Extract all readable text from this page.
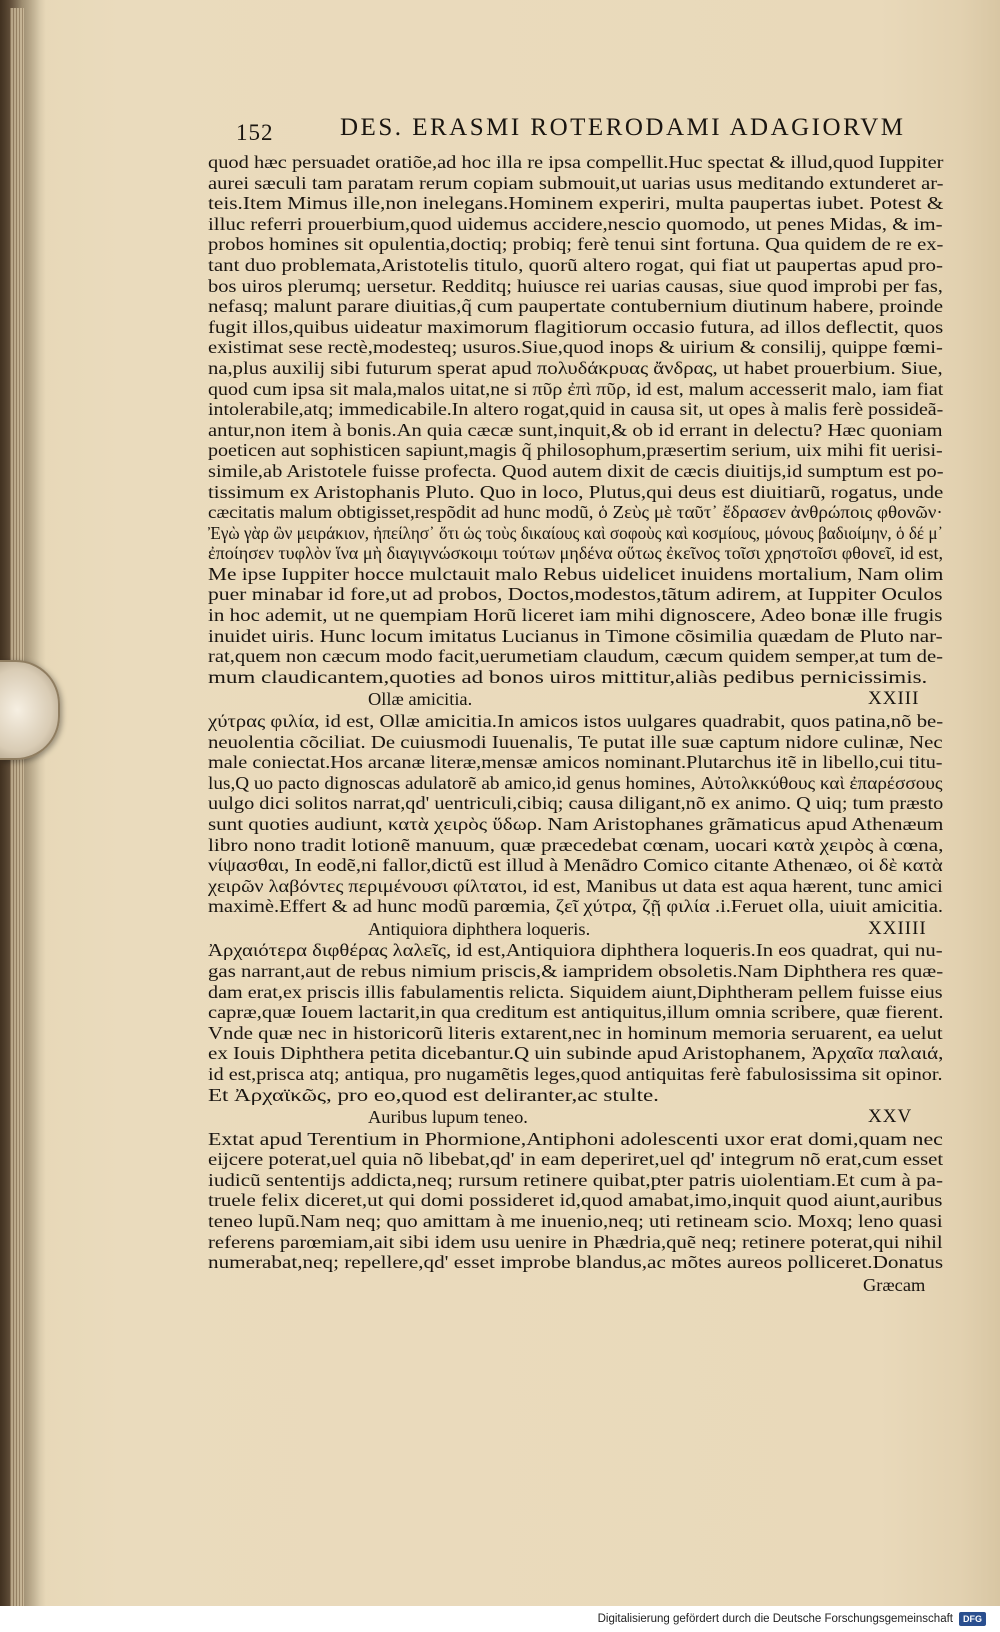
152	DES. ERASMI ROTERODAMI ADAGIORVM
quod hæc persuadet oratiõe,ad hoc illa re ipsa compellit.Huc spectat & illud,quod Iuppiter
aurei sæculi tam paratam rerum copiam submouit,ut uarias usus meditando extunderet ar-
teis.Item Mimus ille,non inelegans.Hominem experiri, multa paupertas iubet. Potest &
illuc referri prouerbium,quod uidemus accidere,nescio quomodo, ut penes Midas, & im-
probos homines sit opulentia,doctiq; probiq; ferè tenui sint fortuna. Qua quidem de re ex-
tant duo problemata,Aristotelis titulo, quorũ altero rogat, qui fiat ut paupertas apud pro-
bos uiros plerumq; uersetur. Redditq; huiusce rei uarias causas, siue quod improbi per fas,
nefasq; malunt parare diuitias,q̃ cum paupertate contubernium diutinum habere, proinde
fugit illos,quibus uideatur maximorum flagitiorum occasio futura, ad illos deflectit, quos
existimat sese rectè,modesteq; usuros.Siue,quod inops & uirium & consilij, quippe fœmi-
na,plus auxilij sibi futurum sperat apud πολυδάκρυας ἄνδρας, ut habet prouerbium. Siue,
quod cum ipsa sit mala,malos uitat,ne si πῦρ ἐπὶ πῦρ, id est, malum accesserit malo, iam fiat
intolerabile,atq; immedicabile.In altero rogat,quid in causa sit, ut opes à malis ferè possideã-
antur,non item à bonis.An quia cæcæ sunt,inquit,& ob id errant in delectu? Hæc quoniam
poeticen aut sophisticen sapiunt,magis q̃ philosophum,præsertim serium, uix mihi fit uerisi-
simile,ab Aristotele fuisse profecta. Quod autem dixit de cæcis diuitijs,id sumptum est po-
tissimum ex Aristophanis Pluto. Quo in loco, Plutus,qui deus est diuitiarũ, rogatus, unde
cæcitatis malum obtigisset,respõdit ad hunc modũ, ὁ Ζεὺς μὲ ταῦτ᾽ ἔδρασεν ἀνθρώποις φθονῶν·
Ἐγὼ γὰρ ὢν μειράκιον, ἠπείλησ᾽ ὅτι ὡς τοὺς δικαίους καὶ σοφοὺς καὶ κοσμίους, μόνους βαδιοίμην, ὁ δέ μ᾽
ἐποίησεν τυφλὸν ἵνα μὴ διαγιγνώσκοιμι τούτων μηδένα οὕτως ἐκεῖνος τοῖσι χρηστοῖσι φθονεῖ, id est,
Me ipse Iuppiter hocce mulctauit malo Rebus uidelicet inuidens mortalium, Nam olim
puer minabar id fore,ut ad probos, Doctos,modestos,tãtum adirem, at Iuppiter Oculos
in hoc ademit, ut ne quempiam Horũ liceret iam mihi dignoscere, Adeo bonæ ille frugis
inuidet uiris. Hunc locum imitatus Lucianus in Timone cõsimilia quædam de Pluto nar-
rat,quem non cæcum modo facit,uerumetiam claudum, cæcum quidem semper,at tum de-
mum claudicantem,quoties ad bonos uiros mittitur,aliàs pedibus pernicissimis.
Ollæ amicitia.	XXIII
χύτρας φιλία, id est, Ollæ amicitia.In amicos istos uulgares quadrabit, quos patina,nõ be-
neuolentia cõciliat. De cuiusmodi Iuuenalis, Te putat ille suæ captum nidore culinæ, Nec
male coniectat.Hos arcanæ literæ,mensæ amicos nominant.Plutarchus itẽ in libello,cui titu-
lus,Q uo pacto dignoscas adulatorẽ ab amico,id genus homines, Αὐτολκκύθους καὶ ἐπαρέσσους
uulgo dici solitos narrat,qd' uentriculi,cibiq; causa diligant,nõ ex animo. Q uiq; tum præsto
sunt quoties audiunt, κατὰ χειρὸς ὕδωρ. Nam Aristophanes grãmaticus apud Athenæum
libro nono tradit lotionẽ manuum, quæ præcedebat cœnam, uocari κατὰ χειρὸς à cœna,
νίψασθαι, In eodẽ,ni fallor,dictũ est illud à Menãdro Comico citante Athenæo, οἱ δὲ κατὰ
χειρῶν λαβόντες περιμένουσι φίλτατοι, id est, Manibus ut data est aqua hærent, tunc amici
maximè.Effert & ad hunc modũ parœmia, ζεῖ χύτρα, ζῇ φιλία .i.Feruet olla, uiuit amicitia.
Antiquiora diphthera loqueris.	XXIIII
Ἀρχαιότερα διφθέρας λαλεῖς, id est,Antiquiora diphthera loqueris.In eos quadrat, qui nu-
gas narrant,aut de rebus nimium priscis,& iampridem obsoletis.Nam Diphthera res quæ-
dam erat,ex priscis illis fabulamentis relicta. Siquidem aiunt,Diphtheram pellem fuisse eius
capræ,quæ Iouem lactarit,in qua creditum est antiquitus,illum omnia scribere, quæ fierent.
Vnde quæ nec in historicorũ literis extarent,nec in hominum memoria seruarent, ea uelut
ex Iouis Diphthera petita dicebantur.Q uin subinde apud Aristophanem, Ἀρχαῖα παλαιά,
id est,prisca atq; antiqua, pro nugamẽtis leges,quod antiquitas ferè fabulosissima sit opinor.
Et Ἀρχαϊκῶς, pro eo,quod est deliranter,ac stulte.
Auribus lupum teneo.	XXV
Extat apud Terentium in Phormione,Antiphoni adolescenti uxor erat domi,quam nec
eijcere poterat,uel quia nõ libebat,qd' in eam deperiret,uel qd' integrum nõ erat,cum esset
iudicũ sententijs addicta,neq; rursum retinere quibat,pter patris uiolentiam.Et cum à pa-
truele felix diceret,ut qui domi possideret id,quod amabat,imo,inquit quod aiunt,auribus
teneo lupũ.Nam neq; quo amittam à me inuenio,neq; uti retineam scio. Moxq; leno quasi
referens parœmiam,ait sibi idem usu uenire in Phædria,quẽ neq; retinere poterat,qui nihil
numerabat,neq; repellere,qd' esset improbe blandus,ac mõtes aureos polliceret.Donatus
Græcam
Digitalisierung gefördert durch die Deutsche Forschungsgemeinschaft	DFG
